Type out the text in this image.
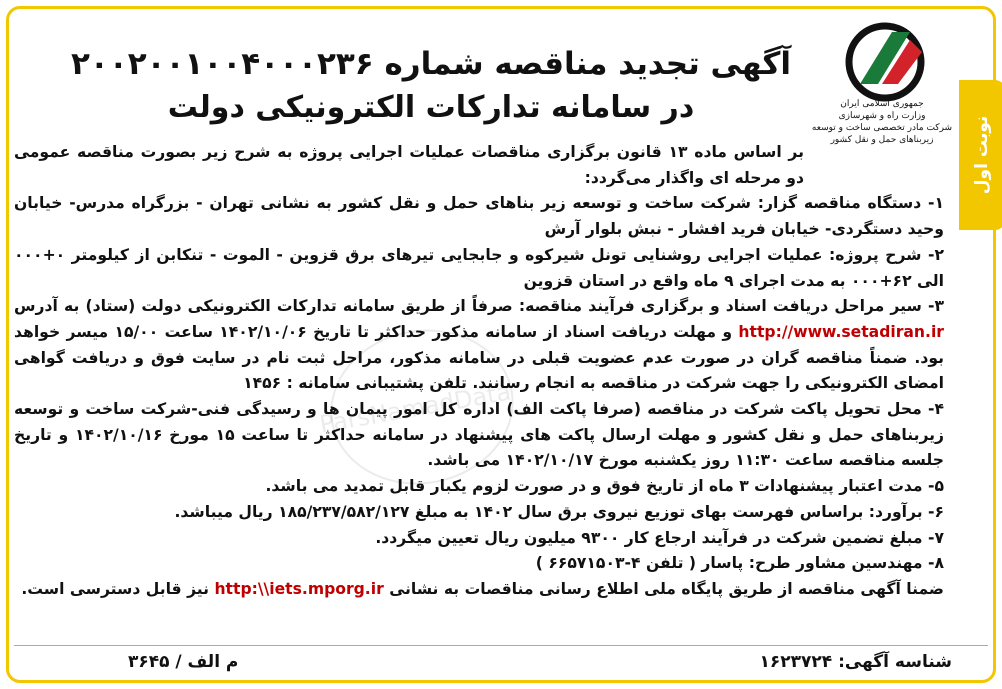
نوبت اول
جمهوری اسلامی ایران
وزارت راه و شهرسازی
شرکت مادر تخصصی ساخت و توسعه زیربناهای حمل و نقل کشور
آگهی تجدید مناقصه شماره ۲۰۰۲۰۰۱۰۰۴۰۰۰۲۳۶
در سامانه تدارکات الکترونیکی دولت
ParsNamadData

بر اساس ماده ۱۳ قانون برگزاری مناقصات عملیات اجرایی پروژه به شرح زیر بصورت مناقصه عمومی دو مرحله ای واگذار می‌گردد:

۱- دستگاه مناقصه گزار: شرکت ساخت و توسعه زیر بناهای حمل و نقل کشور به نشانی تهران - بزرگراه مدرس- خیابان وحید دستگردی- خیابان فرید افشار - نبش بلوار آرش

۲- شرح پروژه: عملیات اجرایی روشنایی تونل شیرکوه و جابجایی تیرهای برق قزوین - الموت - تنکابن از کیلومتر ۰+۰۰۰ الی ۶۲+۰۰۰ به مدت اجرای ۹ ماه واقع در استان قزوین

۳- سیر مراحل دریافت اسناد و برگزاری فرآیند مناقصه: صرفاً از طریق سامانه تدارکات الکترونیکی دولت (ستاد) به آدرس http://www.setadiran.ir و مهلت دریافت اسناد از سامانه مذکور حداکثر تا تاریخ ۱۴۰۲/۱۰/۰۶ ساعت ۱۵/۰۰ میسر خواهد بود. ضمناً مناقصه گران در صورت عدم عضویت قبلی در سامانه مذکور، مراحل ثبت نام در سایت فوق و دریافت گواهی امضای الکترونیکی را جهت شرکت در مناقصه به انجام رسانند. تلفن پشتیبانی سامانه : ۱۴۵۶

۴- محل تحویل پاکت شرکت در مناقصه (صرفا پاکت الف) اداره کل امور پیمان ها و رسیدگی فنی-شرکت ساخت و توسعه زیربناهای حمل و نقل کشور و مهلت ارسال پاکت های پیشنهاد در سامانه حداکثر تا ساعت ۱۵ مورخ ۱۴۰۲/۱۰/۱۶ و تاریخ جلسه مناقصه ساعت ۱۱:۳۰ روز یکشنبه مورخ ۱۴۰۲/۱۰/۱۷ می باشد.

۵- مدت اعتبار پیشنهادات ۳ ماه از تاریخ فوق و در صورت لزوم یکبار قابل تمدید می باشد.

۶- برآورد: براساس فهرست بهای توزیع نیروی برق سال ۱۴۰۲ به مبلغ ۱۸۵/۲۳۷/۵۸۲/۱۲۷ ریال میباشد.

۷- مبلغ تضمین شرکت در فرآیند ارجاع کار ۹۳۰۰ میلیون ریال تعیین میگردد.

۸- مهندسین مشاور طرح: پاسار ( تلفن ۴-۶۶۵۷۱۵۰۳ )

ضمنا آگهی مناقصه از طریق پایگاه ملی اطلاع رسانی مناقصات به نشانی http:\\iets.mporg.ir نیز قابل دسترسی است.

شناسه آگهی: ۱۶۲۳۷۲۴
م الف / ۳۶۴۵
